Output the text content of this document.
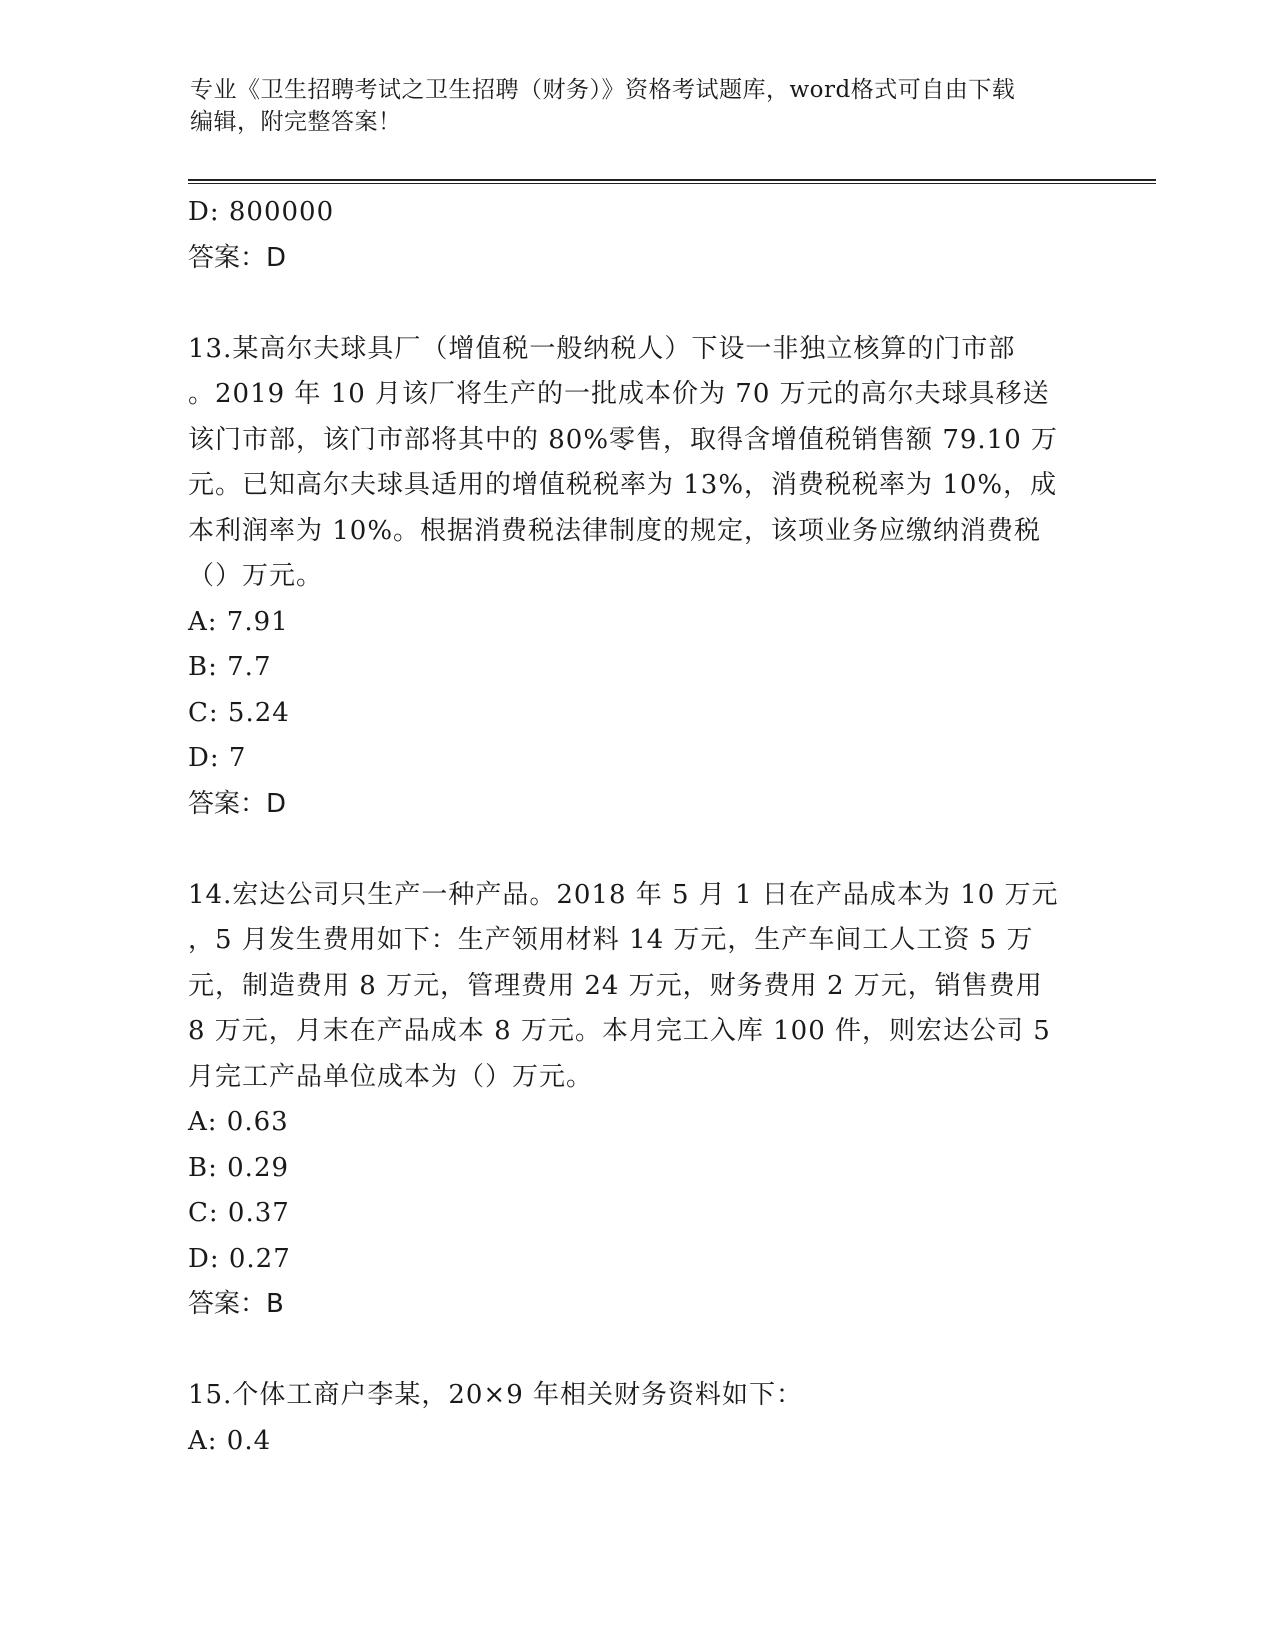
专业《卫生招聘考试之卫生招聘（财务）》资格考试题库，word格式可自由下载
编辑，附完整答案！
D: 800000
答案：D
13.某高尔夫球具厂（增值税一般纳税人）下设一非独立核算的门市部
。2019 年 10 月该厂将生产的一批成本价为 70 万元的高尔夫球具移送
该门市部，该门市部将其中的 80%零售，取得含增值税销售额 79.10 万
元。已知高尔夫球具适用的增值税税率为 13%，消费税税率为 10%，成
本利润率为 10%。根据消费税法律制度的规定，该项业务应缴纳消费税
（）万元。
A: 7.91
B: 7.7
C: 5.24
D: 7
答案：D
14.宏达公司只生产一种产品。2018 年 5 月 1 日在产品成本为 10 万元
，5 月发生费用如下：生产领用材料 14 万元，生产车间工人工资 5 万
元，制造费用 8 万元，管理费用 24 万元，财务费用 2 万元，销售费用
8 万元，月末在产品成本 8 万元。本月完工入库 100 件，则宏达公司 5
月完工产品单位成本为（）万元。
A: 0.63
B: 0.29
C: 0.37
D: 0.27
答案：B
15.个体工商户李某，20×9 年相关财务资料如下：
A: 0.4
